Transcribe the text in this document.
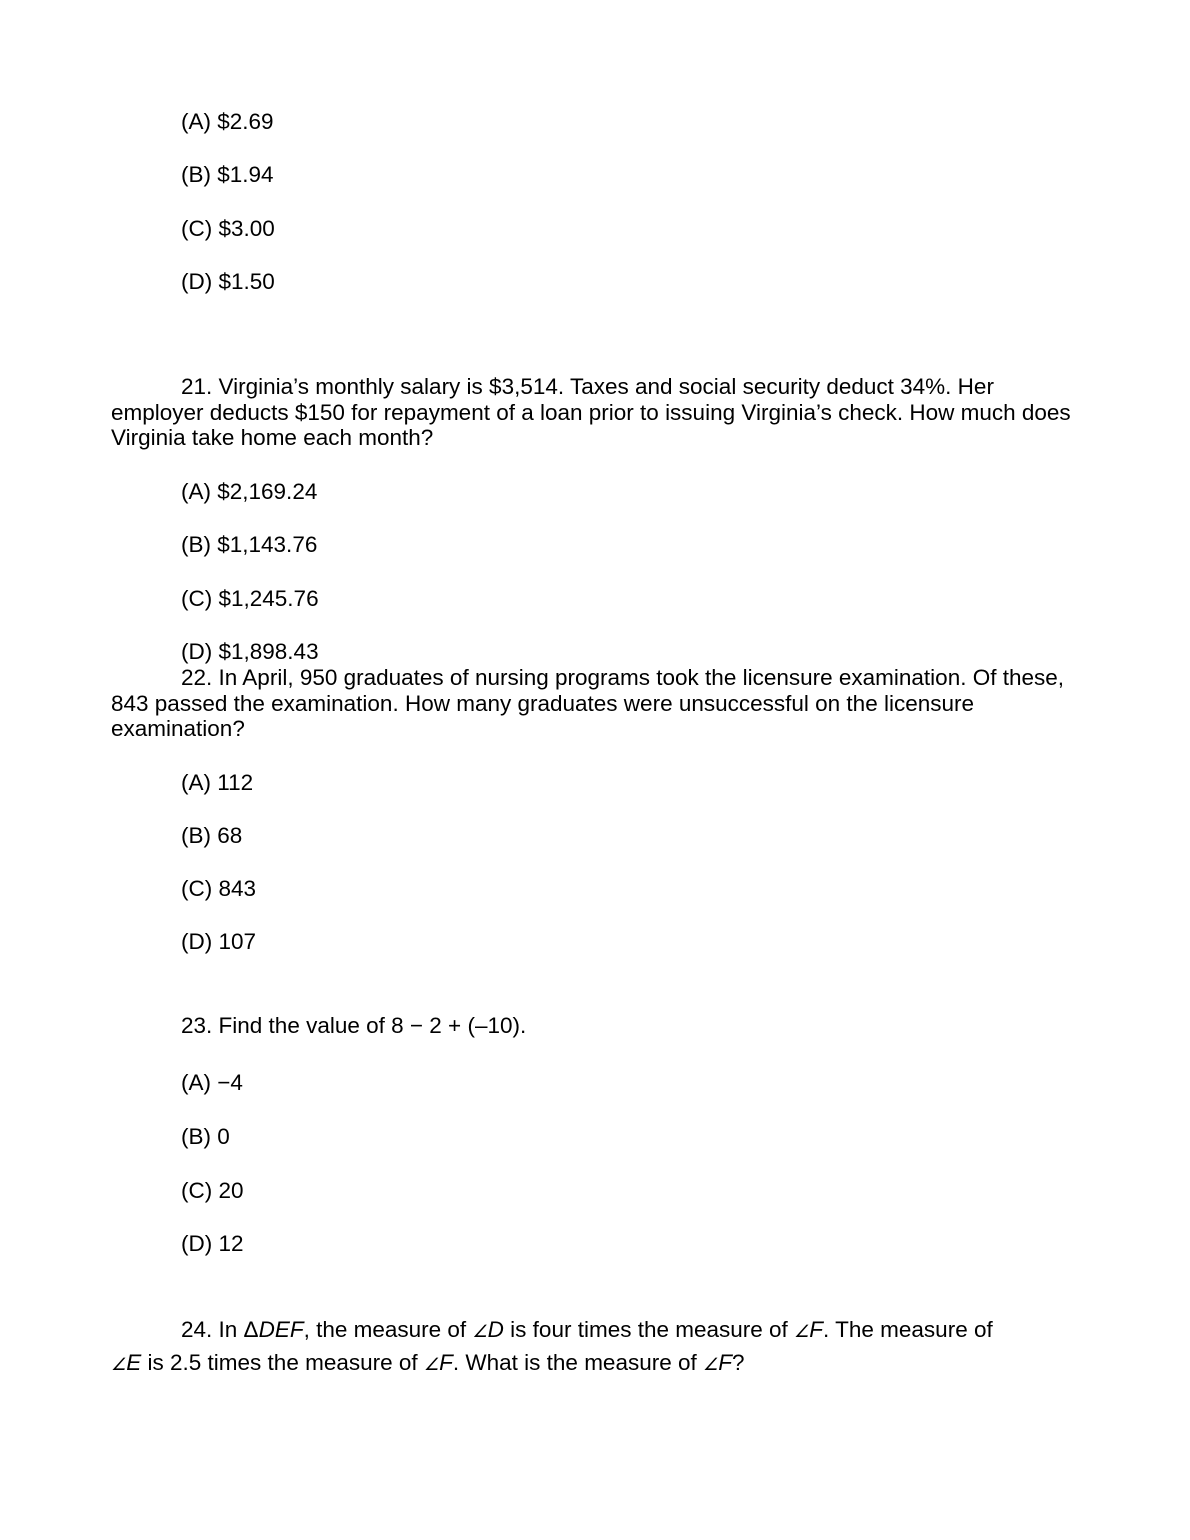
(A) $2.69
(B) $1.94
(C) $3.00
(D) $1.50

21. Virginia’s monthly salary is $3,514. Taxes and social security deduct 34%. Her employer deducts $150 for repayment of a loan prior to issuing Virginia’s check. How much does Virginia take home each month?

(A) $2,169.24
(B) $1,143.76
(C) $1,245.76
(D) $1,898.43

22. In April, 950 graduates of nursing programs took the licensure examination. Of these, 843 passed the examination. How many graduates were unsuccessful on the licensure examination?

(A) 112
(B) 68
(C) 843
(D) 107
23. Find the value of 8 − 2 + (–10).
(A) −4
(B) 0
(C) 20
(D) 12

24. In ΔDEF, the measure of ∠D is four times the measure of ∠F. The measure of
∠E is 2.5 times the measure of ∠F. What is the measure of ∠F?
